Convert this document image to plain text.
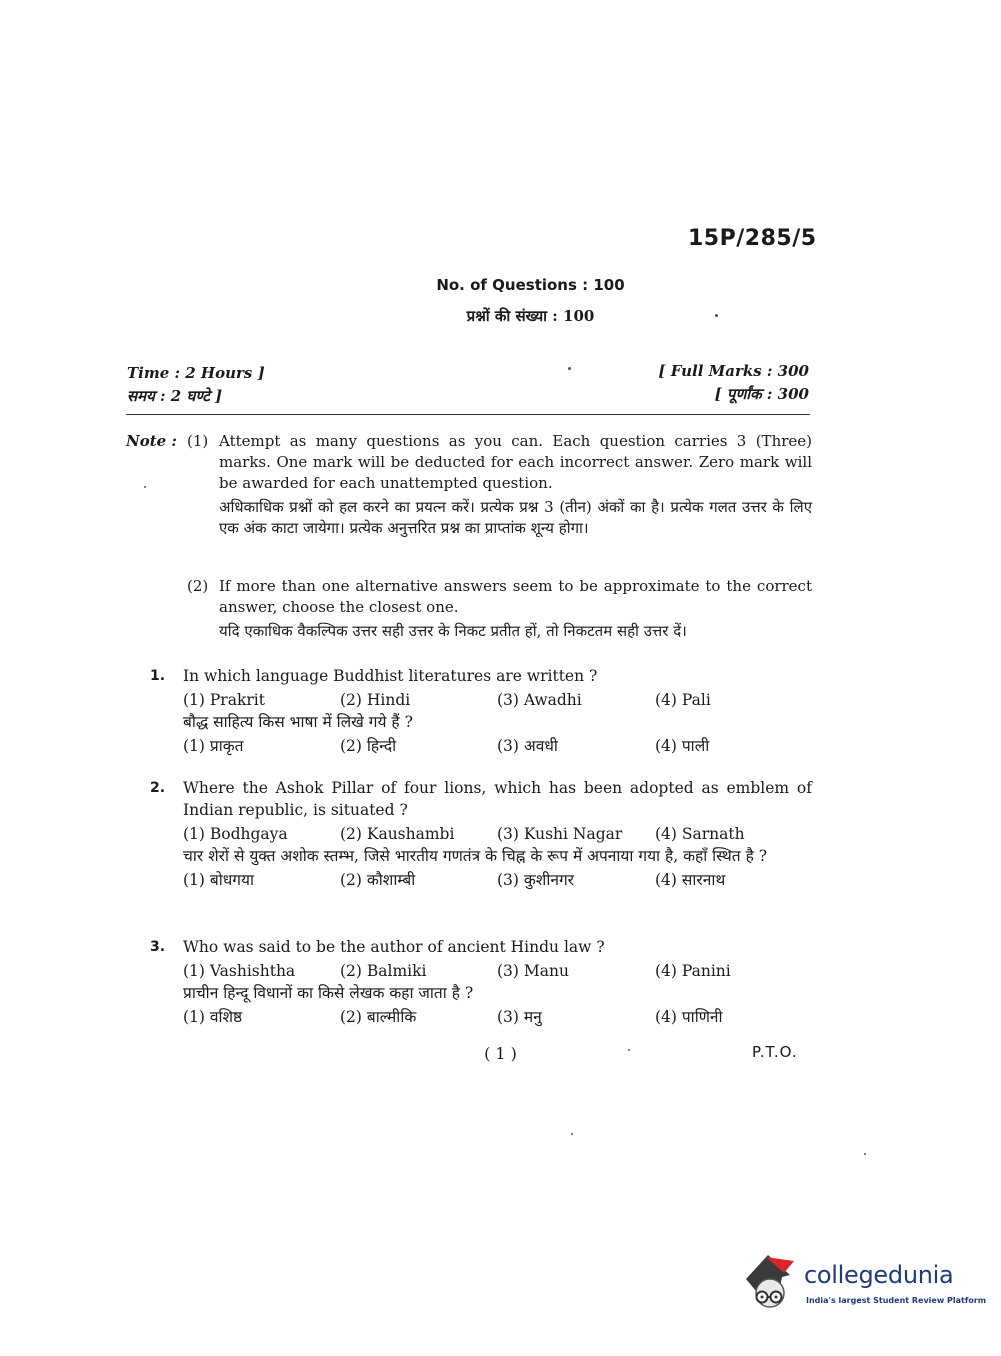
15P/285/5
No. of Questions : 100
प्रश्नों की संख्या : 100
Time : 2 Hours ]
समय : 2 घण्टे ]
[ Full Marks : 300
[ पूर्णांक : 300
Note : (1) Attempt as many questions as you can. Each question carries 3 (Three) marks. One mark will be deducted for each incorrect answer. Zero mark will be awarded for each unattempted question.
अधिकाधिक प्रश्नों को हल करने का प्रयत्न करें। प्रत्येक प्रश्न 3 (तीन) अंकों का है। प्रत्येक गलत उत्तर के लिए एक अंक काटा जायेगा। प्रत्येक अनुत्तरित प्रश्न का प्राप्तांक शून्य होगा।
(2) If more than one alternative answers seem to be approximate to the correct answer, choose the closest one.
यदि एकाधिक वैकल्पिक उत्तर सही उत्तर के निकट प्रतीत हों, तो निकटतम सही उत्तर दें।
1. In which language Buddhist literatures are written ?
(1) Prakrit	(2) Hindi	(3) Awadhi	(4) Pali
बौद्ध साहित्य किस भाषा में लिखे गये हैं ?
(1) प्राकृत	(2) हिन्दी	(3) अवधी	(4) पाली
2. Where the Ashok Pillar of four lions, which has been adopted as emblem of Indian republic, is situated ?
(1) Bodhgaya	(2) Kaushambi	(3) Kushi Nagar (4) Sarnath
चार शेरों से युक्त अशोक स्तम्भ, जिसे भारतीय गणतंत्र के चिह्न के रूप में अपनाया गया है, कहाँ स्थित है ?
(1) बोधगया	(2) कौशाम्बी	(3) कुशीनगर	(4) सारनाथ
3. Who was said to be the author of ancient Hindu law ?
(1) Vashishtha	(2) Balmiki	(3) Manu	(4) Panini
प्राचीन हिन्दू विधानों का किसे लेखक कहा जाता है ?
(1) वशिष्ठ	(2) बाल्मीकि	(3) मनु	(4) पाणिनी
( 1 )	P.T.O.
collegedunia
India's largest Student Review Platform
